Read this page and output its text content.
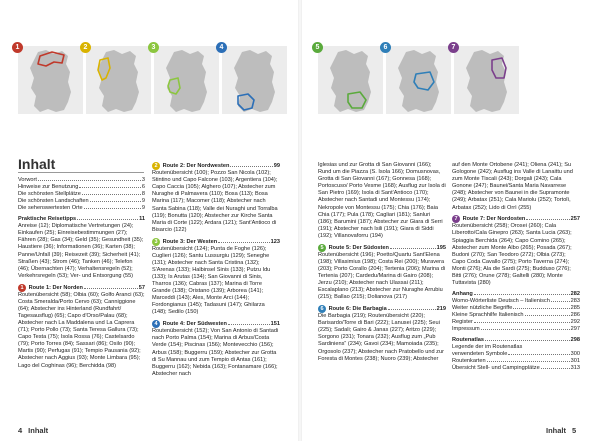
1	2	3	4	5	6	7
Inhalt
Vorwort	3
Hinweise zur Benutzung	6
Die schönsten Stellplätze	8
Die schönsten Landschaften	9
Die sehenswertesten Orte	9
Praktische Reisetipps	11

Anreise (12); Diplomatische Vertretungen (24); Einkaufen (25); Einreisebestimmungen (27); Fähren (28); Gas (34); Geld (35); Gesundheit (35); Haustiere (36); Informationen (36); Karten (38); Panne/Unfall (39); Reisezeit (39); Sicherheit (41); Straßen (43); Strom (46); Tanken (46); Telefon (46); Übernachten (47); Verhaltensregeln (52); Verkehrsregeln (53); Ver- und Entsorgung (55)

1 Route 1: Der Norden	57

Routenübersicht (58); Olbia (60); Golfo Aranci (63); Costa Smeralda/Porto Cervo (63); Canniggione (64); Abstecher ins Hinterland (Rundfahrt/ Tagesausflug) (65); Capo d'Orso/Palau (68); Abstecher nach La Maddalena und La Caprera (71); Porto Pollo (73); Santa Teresa Gallura (73); Capo Testa (75); Isola Rossa (76); Castelsardo (79); Porto Torres (84); Sassari (86); Osilo (90); Martis (90); Perfugas (91); Tempio Pausania (92); Abstecher nach Aggius (93); Monte Limbara (95); Lago del Coghinas (96); Berchidda (98)

2 Route 2: Der Nordwesten	99

Routenübersicht (100); Pozzo San Nicola (102); Stintino und Capo Falcone (103); Argentiera (104); Capo Caccia (105); Alghero (107); Abstecher zum Nuraghe di Palmavera (110); Bosa (113); Bosa Marina (117); Macomer (118); Abstecher nach Santa Sabina (118); Valle dei Nuraghi und Torralba (119); Bonutta (120); Abstecher zur Kirche Santa Maria di Corte (122); Ardara (121); Sant'Antioco di Bisarcio (122)

3 Route 3: Der Westen	123

Routenübersicht (124); Punta de Foghe (126); Cuglieri (126); Santu Lussurgiu (129); Seneghe (131); Abstecher nach Santa Cristina (132); S'Arenas (133); Halbinsel Sinis (133); Putzu Idu (133); Is Arutas (134); San Giovanni di Sinis, Tharros (136); Cabras (137); Marina di Torre Grande (138); Oristano (139); Arborea (141); Marceddi (143); Ales, Monte Arci (144); Fordongianus (145); Tadasuni (147); Ghilarza (148); Sedilo (150)

4 Route 4: Der Südwesten	151

Routenübersicht (152); Von San Antonio di Santadi nach Porto Palma (154); Marina di Arbus/Costa Verde (154); Piscinas (156); Montevecchio (156); Arbus (158); Buggerru (159); Abstecher zur Grotta di Su Mannau und zum Tempio di Antas (161); Buggerru (162); Nebida (163); Fontanamare (166); Abstecher nach

Iglesias und zur Grotta di San Giovanni (166); Rund um die Piazza (S. Isola 166); Domusnovas, Grotta di San Giovanni (167); Gonnesa (168); Portoscuso/ Porto Vesme (168); Ausflug zur Isola di San Pietro (169); Isola di Sant'Antioco (170); Abstecher nach Santadi und Montessu (174); Nekropole von Montessu (175); Chia (176); Baia Chia (177); Pula (178); Cagliari (181); Sanluri (186); Barumini (187); Abstecher zur Giara di Serri (191); Abstecher nach Isili (191); Giara di Siddi (192); Villanovaforru (194)

5 Route 5: Der Südosten	195

Routenübersicht (196); Poetto/Quartu Sant'Elena (198); Villasimius (198); Costa Rei (200); Muravera (203); Porto Corallo (204); Tertenia (206); Marina di Tertenia (207); Cardedu/Marina di Gairo (208); Jerzu (210); Abstecher nach Ulassai (211); Escalaplano (213); Abstecher zur Nuraghe Arrubiu (215); Ballao (215); Dolianova (217)

6 Route 6: Die Barbagia	219

Die Barbagia (219); Routenübersicht (220); Barisardo/Torre di Bari (222); Lanusei (225); Seui (225); Sadali; Gairo & Janas (227); Aritzo (229); Sorgono (231); Tonara (232); Ausflug zum „Pub Sardiniens“ (234); Gavoi (234); Mamoiada (235); Orgosolo (237); Abstecher nach Pratobello und zur Foresta di Montes (238); Nuoro (239); Abstecher

auf den Monte Ortobene (241); Oliena (241); Su Gologone (242); Ausflug ins Valle di Lanaittu und zum Monte Tiscali (243); Dorgali (243); Cala Gonone (247); Baunei/Santa Maria Navarrese (248); Abstecher von Baunei in die Supramonte (249); Arbatax (251); Cala Mariolu (252); Tortolì, Arbatax (252); Lido di Orrì (255)

7 Route 7: Der Nordosten	257

Routenübersicht (258); Orosei (260); Cala Liberotto/Cala Ginepro (263); Santa Lucia (263); Spiaggia Berchida (264); Capo Comino (265); Abstecher zum Monte Albo (265); Posada (267); Budoni (270); San Teodoro (272); Olbia (273); Capo Coda Cavallo (275); Porto Taverna (274); Monti (276); Ala die Sardi (275); Budduso (276); Bitti (276); Orune (278); Galtelli (280); Monte Tuttavista (280)

Anhang	282
Womo-Wörterliste Deutsch – Italienisch	283
Weiter nützliche Begriffe	285
Kleine Sprachhilfe Italienisch	286
Register	292
Impressum	297
Routenatlas	298
Legende der im Routenatlas
verwendeten Symbole	300
Routenkarten	301
Übersicht Stell- und Campingplätze	313
4 Inhalt	Inhalt 5
